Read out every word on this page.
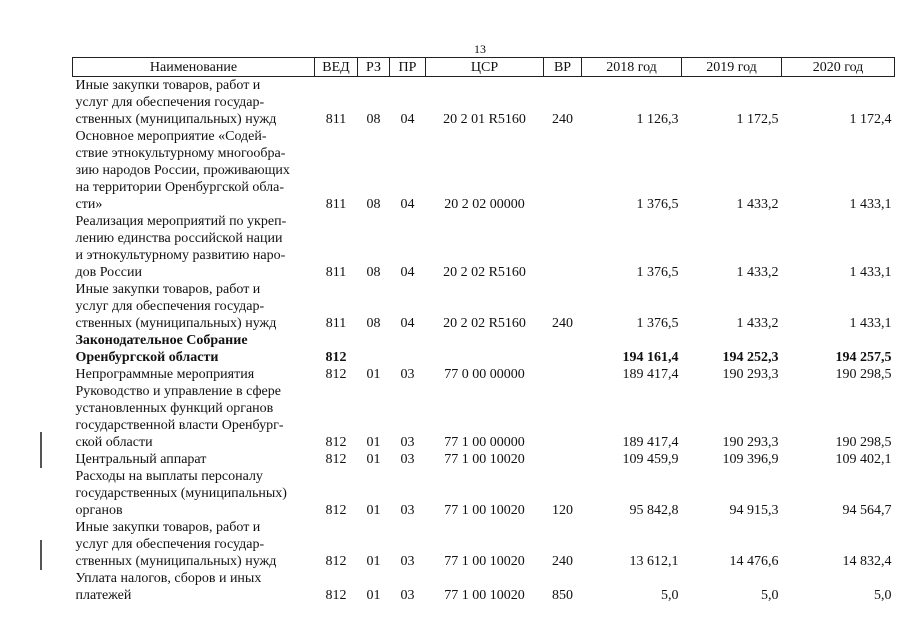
13
Наименование	ВЕД	РЗ	ПР	ЦСР	ВР	2018 год	2019 год	2020 год

Иные закупки товаров, работ и
услуг для обеспечения государ-
ственных (муниципальных) нужд	811	08	04	20 2 01 R5160	240	1 126,3	1 172,5	1 172,4

Основное мероприятие «Содей-
ствие этнокультурному многообра-
зию народов России, проживающих
на территории Оренбургской обла-
сти»	811	08	04	20 2 02 00000		1 376,5	1 433,2	1 433,1

Реализация мероприятий по укреп-
лению единства российской нации
и этнокультурному развитию наро-
дов России	811	08	04	20 2 02 R5160		1 376,5	1 433,2	1 433,1

Иные закупки товаров, работ и
услуг для обеспечения государ-
ственных (муниципальных) нужд	811	08	04	20 2 02 R5160	240	1 376,5	1 433,2	1 433,1

Законодательное Собрание
Оренбургской области	812					194 161,4	194 252,3	194 257,5

Непрограммные мероприятия	812	01	03	77 0 00 00000		189 417,4	190 293,3	190 298,5

Руководство и управление в сфере
установленных функций органов
государственной власти Оренбург-
ской области	812	01	03	77 1 00 00000		189 417,4	190 293,3	190 298,5

Центральный аппарат	812	01	03	77 1 00 10020		109 459,9	109 396,9	109 402,1

Расходы на выплаты персоналу
государственных (муниципальных)
органов	812	01	03	77 1 00 10020	120	95 842,8	94 915,3	94 564,7

Иные закупки товаров, работ и
услуг для обеспечения государ-
ственных (муниципальных) нужд	812	01	03	77 1 00 10020	240	13 612,1	14 476,6	14 832,4

Уплата налогов, сборов и иных
платежей	812	01	03	77 1 00 10020	850	5,0	5,0	5,0
